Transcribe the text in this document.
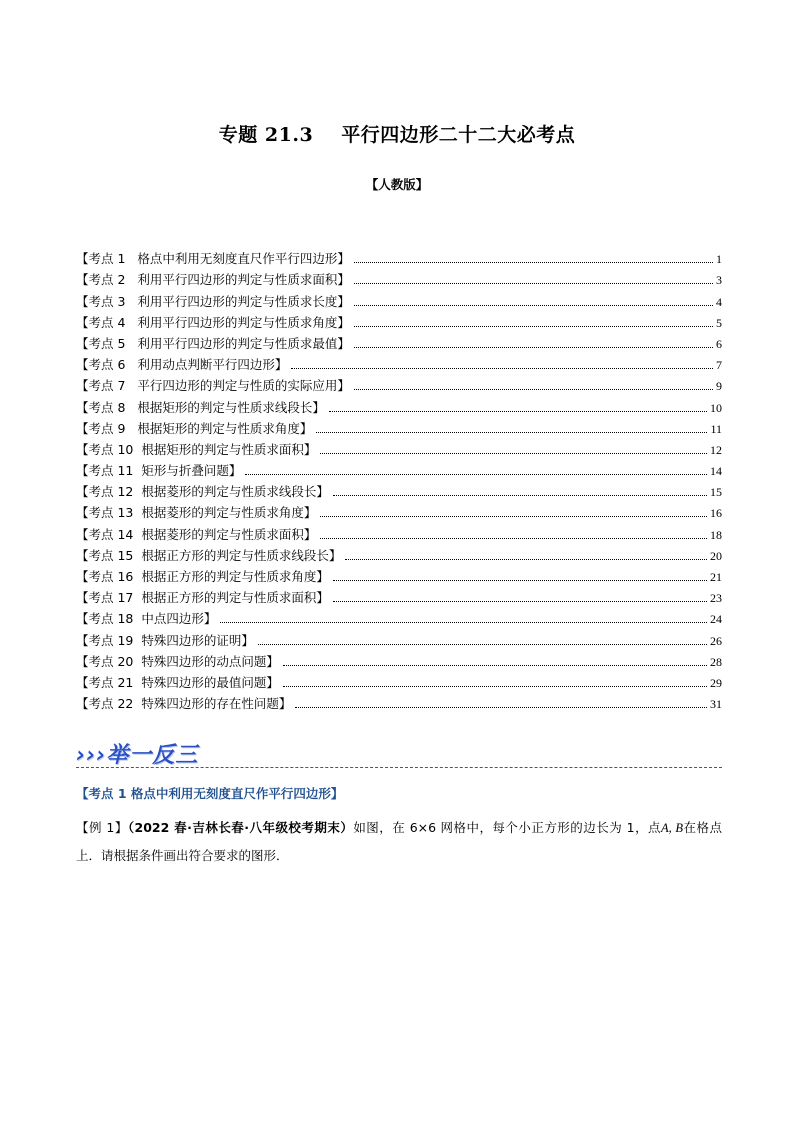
专题 21.3 平行四边形二十二大必考点
【人教版】
【考点 1   格点中利用无刻度直尺作平行四边形】	1
【考点 2   利用平行四边形的判定与性质求面积】	3
【考点 3   利用平行四边形的判定与性质求长度】	4
【考点 4   利用平行四边形的判定与性质求角度】	5
【考点 5   利用平行四边形的判定与性质求最值】	6
【考点 6   利用动点判断平行四边形】	7
【考点 7   平行四边形的判定与性质的实际应用】	9
【考点 8   根据矩形的判定与性质求线段长】	10
【考点 9   根据矩形的判定与性质求角度】	11
【考点 10  根据矩形的判定与性质求面积】	12
【考点 11  矩形与折叠问题】	14
【考点 12  根据菱形的判定与性质求线段长】	15
【考点 13  根据菱形的判定与性质求角度】	16
【考点 14  根据菱形的判定与性质求面积】	18
【考点 15  根据正方形的判定与性质求线段长】	20
【考点 16  根据正方形的判定与性质求角度】	21
【考点 17  根据正方形的判定与性质求面积】	23
【考点 18  中点四边形】	24
【考点 19  特殊四边形的证明】	26
【考点 20  特殊四边形的动点问题】	28
【考点 21  特殊四边形的最值问题】	29
【考点 22  特殊四边形的存在性问题】	31
›››举一反三
【考点 1 格点中利用无刻度直尺作平行四边形】
【例 1】（2022 春·吉林长春·八年级校考期末）如图，在 6×6 网格中，每个小正方形的边长为 1，点A, B在格点上．请根据条件画出符合要求的图形．
